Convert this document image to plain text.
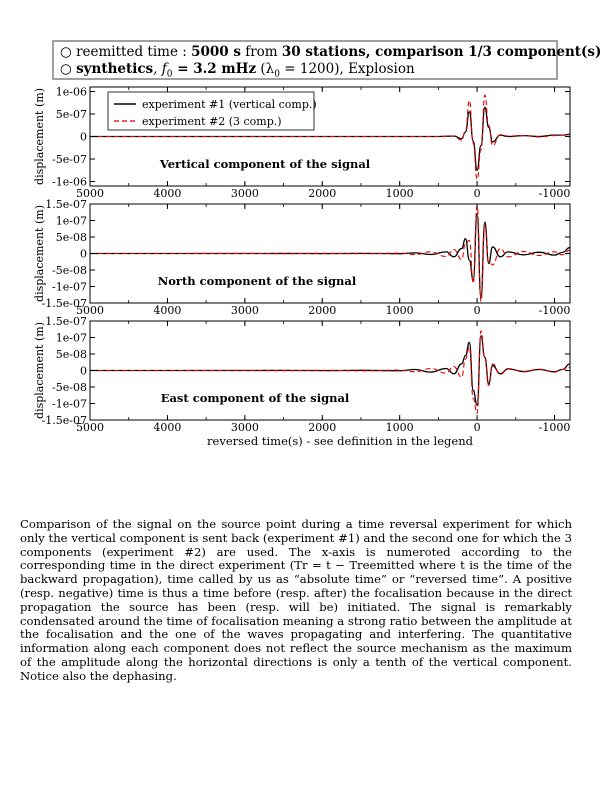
○ reemitted time : 5000 s from 30 stations, comparison 1/3 component(s)
○ synthetics, $f_0 = 3.2$ mHz $(\lambda_0 = 1200)$, Explosion
5000	4000	3000	2000	1000	0	-1000
1e-06
5e-07
0
-5e-07
-1e-06
displacement (m)	Vertical component of the signal
experiment #1 (vertical comp.)
experiment #2 (3 comp.)
5000	4000	3000	2000	1000	0	-1000
1.5e-07
1e-07
5e-08
0
-5e-08
-1e-07
-1.5e-07
displacement (m)	North component of the signal
5000	4000	3000	2000	1000	0	-1000
1.5e-07
1e-07
5e-08
0
-5e-08
-1e-07
-1.5e-07
displacement (m)	East component of the signal
reversed time(s) - see definition in the legend
Comparison of the signal on the source point during a time reversal experiment for which only the vertical component is sent back (experiment #1) and the second one for which the 3 components (experiment #2) are used. The x-axis is numeroted according to the corresponding time in the direct experiment (Tr = t − Treemitted where t is the time of the backward propagation), time called by us as “absolute time” or “reversed time”. A positive (resp. negative) time is thus a time before (resp. after) the focalisation because in the direct propagation the source has been (resp. will be) initiated. The signal is remarkably condensated around the time of focalisation meaning a strong ratio between the amplitude at the focalisation and the one of the waves propagating and interfering. The quantitative information along each component does not reflect the source mechanism as the maximum of the amplitude along the horizontal directions is only a tenth of the vertical component. Notice also the dephasing.
